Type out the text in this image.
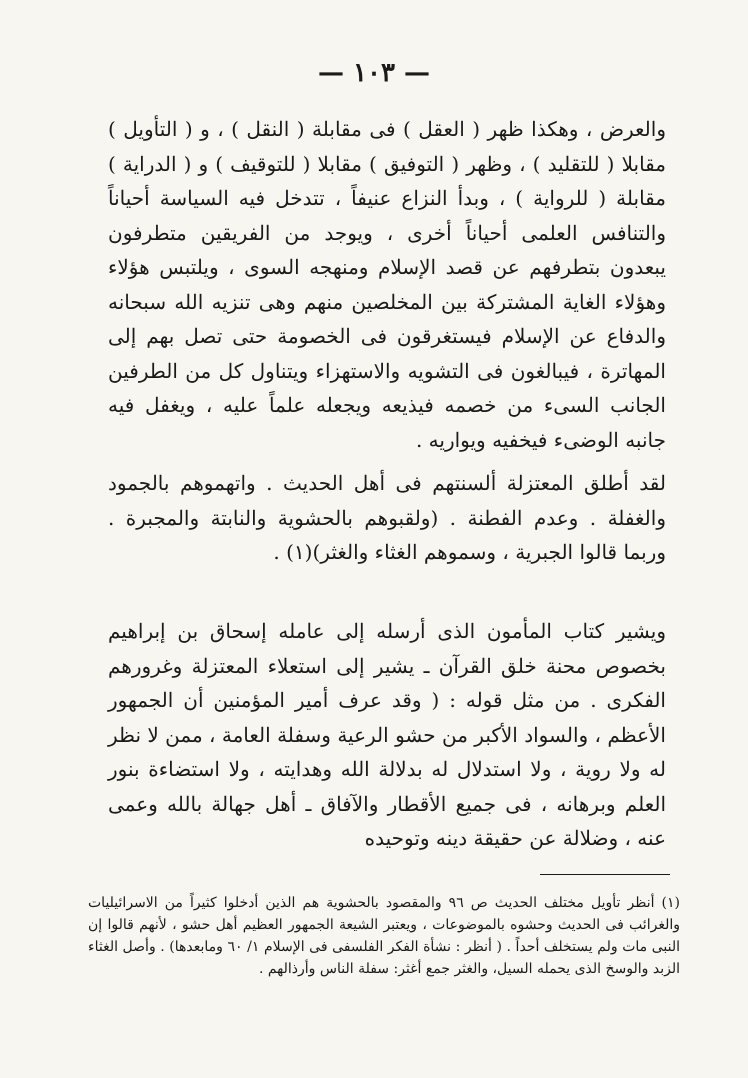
— ١٠٣ —

والعرض ، وهكذا ظهر ( العقل ) فى مقابلة ( النقل ) ، و ( التأويل ) مقابلا ( للتقليد ) ، وظهر ( التوفيق ) مقابلا ( للتوقيف ) و ( الدراية ) مقابلة ( للرواية ) ، وبدأ النزاع عنيفاً ، تتدخل فيه السياسة أحياناً والتنافس العلمى أحياناً أخرى ، ويوجد من الفريقين متطرفون يبعدون بتطرفهم عن قصد الإسلام ومنهجه السوى ، ويلتبس هؤلاء وهؤلاء الغاية المشتركة بين المخلصين منهم وهى تنزيه الله سبحانه والدفاع عن الإسلام فيستغرقون فى الخصومة حتى تصل بهم إلى المهاترة ، فيبالغون فى التشويه والاستهزاء ويتناول كل من الطرفين الجانب السىء من خصمه فيذيعه ويجعله علماً عليه ، ويغفل فيه جانبه الوضىء فيخفيه ويواريه .

لقد أطلق المعتزلة ألسنتهم فى أهل الحديث . واتهموهم بالجمود والغفلة . وعدم الفطنة . (ولقبوهم بالحشوية والنابتة والمجبرة . وربما قالوا الجبرية ، وسموهم الغثاء والغثر)(١) .

ويشير كتاب المأمون الذى أرسله إلى عامله إسحاق بن إبراهيم بخصوص محنة خلق القرآن ـ يشير إلى استعلاء المعتزلة وغرورهم الفكرى . من مثل قوله : ( وقد عرف أمير المؤمنين أن الجمهور الأعظم ، والسواد الأكبر من حشو الرعية وسفلة العامة ، ممن لا نظر له ولا روية ، ولا استدلال له بدلالة الله وهدايته ، ولا استضاءة بنور العلم وبرهانه ، فى جميع الأقطار والآفاق ـ أهل جهالة بالله وعمى عنه ، وضلالة عن حقيقة دينه وتوحيده

(١) أنظر تأويل مختلف الحديث ص ٩٦ والمقصود بالحشوية هم الذين أدخلوا كثيراً من الاسرائيليات والغرائب فى الحديث وحشوه بالموضوعات ، ويعتبر الشيعة الجمهور العظيم أهل حشو ، لأنهم قالوا إن النبى مات ولم يستخلف أحداً . ( أنظر : نشأة الفكر الفلسفى فى الإسلام ١/ ٦٠ ومابعدها) . وأصل الغثاء الزبد والوسخ الذى يحمله السيل، والغثر جمع أغثر: سفلة الناس وأرذالهم .
